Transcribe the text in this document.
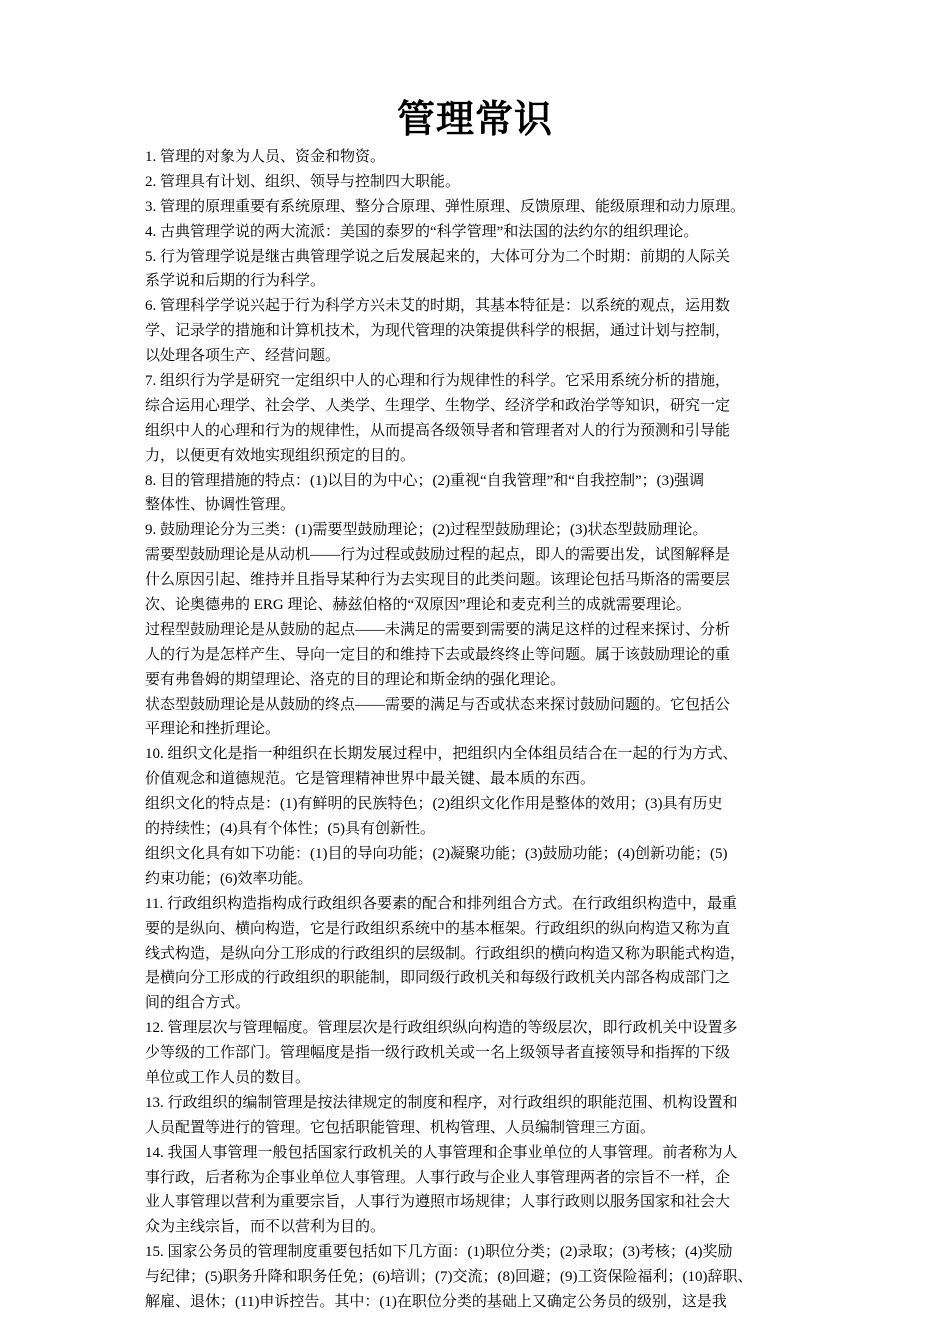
管理常识
1. 管理的对象为人员、资金和物资。
2. 管理具有计划、组织、领导与控制四大职能。
3. 管理的原理重要有系统原理、整分合原理、弹性原理、反馈原理、能级原理和动力原理。
4. 古典管理学说的两大流派：美国的泰罗的“科学管理”和法国的法约尔的组织理论。
5. 行为管理学说是继古典管理学说之后发展起来的，大体可分为二个时期：前期的人际关
系学说和后期的行为科学。
6. 管理科学学说兴起于行为科学方兴未艾的时期，其基本特征是：以系统的观点，运用数
学、记录学的措施和计算机技术，为现代管理的决策提供科学的根据，通过计划与控制，
以处理各项生产、经营问题。
7. 组织行为学是研究一定组织中人的心理和行为规律性的科学。它采用系统分析的措施，
综合运用心理学、社会学、人类学、生理学、生物学、经济学和政治学等知识，研究一定
组织中人的心理和行为的规律性，从而提高各级领导者和管理者对人的行为预测和引导能
力，以便更有效地实现组织预定的目的。
8. 目的管理措施的特点：(1)以目的为中心；(2)重视“自我管理”和“自我控制”；(3)强调
整体性、协调性管理。
9. 鼓励理论分为三类：(1)需要型鼓励理论；(2)过程型鼓励理论；(3)状态型鼓励理论。
需要型鼓励理论是从动机——行为过程或鼓励过程的起点，即人的需要出发，试图解释是
什么原因引起、维持并且指导某种行为去实现目的此类问题。该理论包括马斯洛的需要层
次、论奥德弗的 ERG 理论、赫兹伯格的“双原因”理论和麦克利兰的成就需要理论。
过程型鼓励理论是从鼓励的起点——未满足的需要到需要的满足这样的过程来探讨、分析
人的行为是怎样产生、导向一定目的和维持下去或最终终止等问题。属于该鼓励理论的重
要有弗鲁姆的期望理论、洛克的目的理论和斯金纳的强化理论。
状态型鼓励理论是从鼓励的终点——需要的满足与否或状态来探讨鼓励问题的。它包括公
平理论和挫折理论。
10. 组织文化是指一种组织在长期发展过程中，把组织内全体组员结合在一起的行为方式、
价值观念和道德规范。它是管理精神世界中最关键、最本质的东西。
组织文化的特点是：(1)有鲜明的民族特色；(2)组织文化作用是整体的效用；(3)具有历史
的持续性；(4)具有个体性；(5)具有创新性。
组织文化具有如下功能：(1)目的导向功能；(2)凝聚功能；(3)鼓励功能；(4)创新功能；(5)
约束功能；(6)效率功能。
11. 行政组织构造指构成行政组织各要素的配合和排列组合方式。在行政组织构造中，最重
要的是纵向、横向构造，它是行政组织系统中的基本框架。行政组织的纵向构造又称为直
线式构造，是纵向分工形成的行政组织的层级制。行政组织的横向构造又称为职能式构造，
是横向分工形成的行政组织的职能制，即同级行政机关和每级行政机关内部各构成部门之
间的组合方式。
12. 管理层次与管理幅度。管理层次是行政组织纵向构造的等级层次，即行政机关中设置多
少等级的工作部门。管理幅度是指一级行政机关或一名上级领导者直接领导和指挥的下级
单位或工作人员的数目。
13. 行政组织的编制管理是按法律规定的制度和程序，对行政组织的职能范围、机构设置和
人员配置等进行的管理。它包括职能管理、机构管理、人员编制管理三方面。
14. 我国人事管理一般包括国家行政机关的人事管理和企事业单位的人事管理。前者称为人
事行政，后者称为企事业单位人事管理。人事行政与企业人事管理两者的宗旨不一样，企
业人事管理以营利为重要宗旨，人事行为遵照市场规律；人事行政则以服务国家和社会大
众为主线宗旨，而不以营利为目的。
15. 国家公务员的管理制度重要包括如下几方面：(1)职位分类；(2)录取；(3)考核；(4)奖励
与纪律；(5)职务升降和职务任免；(6)培训；(7)交流；(8)回避；(9)工资保险福利；(10)辞职、
解雇、退休；(11)申诉控告。其中：(1)在职位分类的基础上又确定公务员的级别，这是我
